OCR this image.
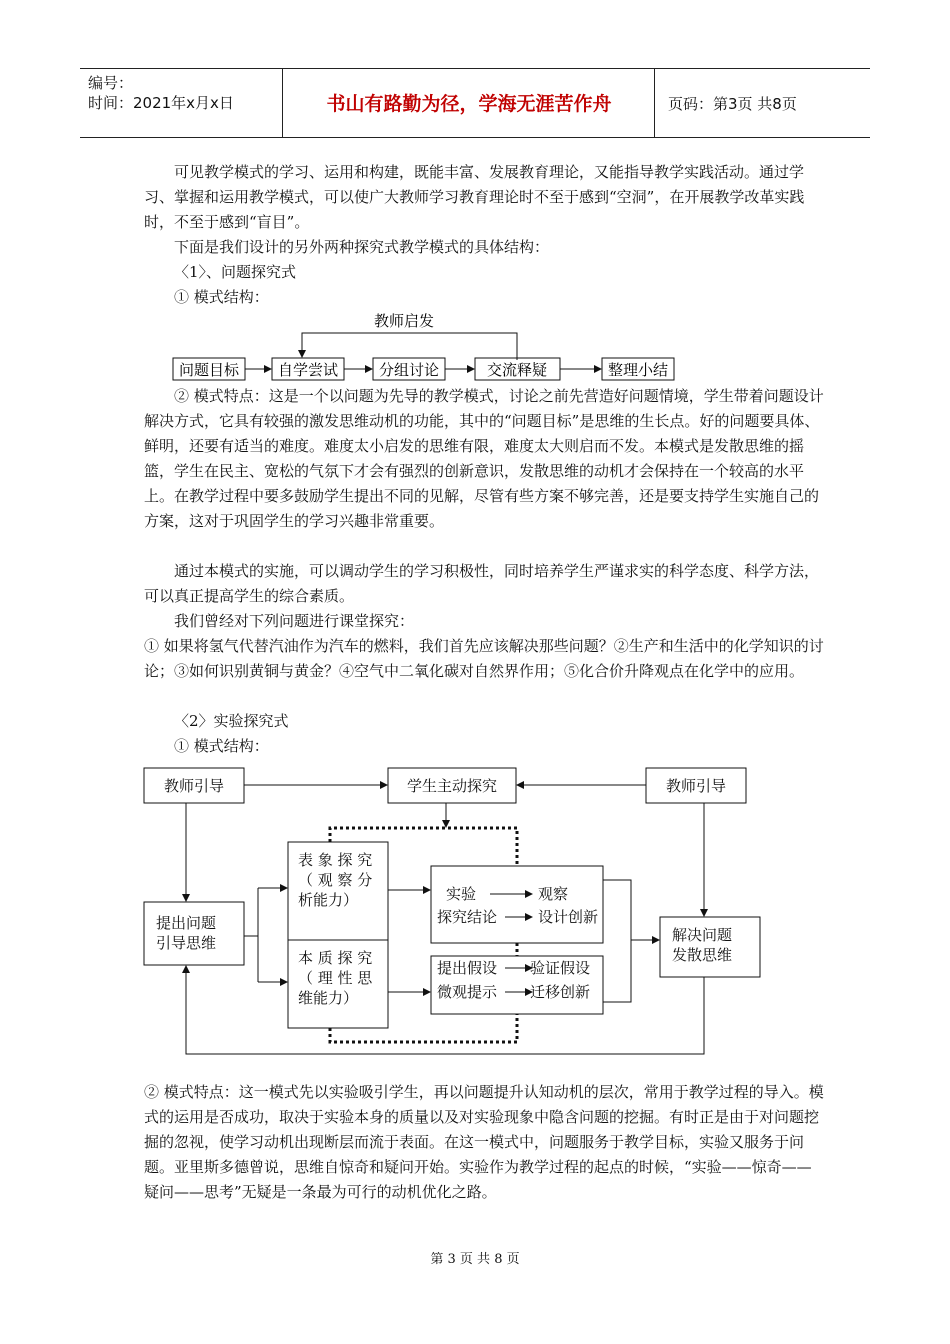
编号：
时间：2021年x月x日	书山有路勤为径，学海无涯苦作舟	页码：第3页 共8页

可见教学模式的学习、运用和构建，既能丰富、发展教育理论，又能指导教学实践活动。通过学习、掌握和运用教学模式，可以使广大教师学习教育理论时不至于感到“空洞”，在开展教学改革实践时，不至于感到“盲目”。

下面是我们设计的另外两种探究式教学模式的具体结构：

〈1〉、问题探究式

① 模式结构：

教师启发
问题目标	自学尝试	分组讨论	交流释疑	整理小结

② 模式特点：这是一个以问题为先导的教学模式，讨论之前先营造好问题情境，学生带着问题设计解决方式，它具有较强的激发思维动机的功能，其中的“问题目标”是思维的生长点。好的问题要具体、鲜明，还要有适当的难度。难度太小启发的思维有限，难度太大则启而不发。本模式是发散思维的摇篮，学生在民主、宽松的气氛下才会有强烈的创新意识，发散思维的动机才会保持在一个较高的水平上。在教学过程中要多鼓励学生提出不同的见解，尽管有些方案不够完善，还是要支持学生实施自己的方案，这对于巩固学生的学习兴趣非常重要。

通过本模式的实施，可以调动学生的学习积极性，同时培养学生严谨求实的科学态度、科学方法，可以真正提高学生的综合素质。

我们曾经对下列问题进行课堂探究：

① 如果将氢气代替汽油作为汽车的燃料，我们首先应该解决那些问题？②生产和生活中的化学知识的讨论；③如何识别黄铜与黄金？④空气中二氧化碳对自然界作用；⑤化合价升降观点在化学中的应用。

〈2〉实验探究式

① 模式结构：

教师引导	学生主动探究	教师引导
提出问题
引导思维
表 象 探 究
（ 观 察 分
析能力）
本 质 探 究
（ 理 性 思
维能力）
实验	观察
探究结论	设计创新
提出假设 验证假设
微观提示 迁移创新
解决问题
发散思维

② 模式特点：这一模式先以实验吸引学生，再以问题提升认知动机的层次，常用于教学过程的导入。模式的运用是否成功，取决于实验本身的质量以及对实验现象中隐含问题的挖掘。有时正是由于对问题挖掘的忽视，使学习动机出现断层而流于表面。在这一模式中，问题服务于教学目标，实验又服务于问题。亚里斯多德曾说，思维自惊奇和疑问开始。实验作为教学过程的起点的时候，“实验——惊奇——疑问——思考”无疑是一条最为可行的动机优化之路。

第 3 页 共 8 页
